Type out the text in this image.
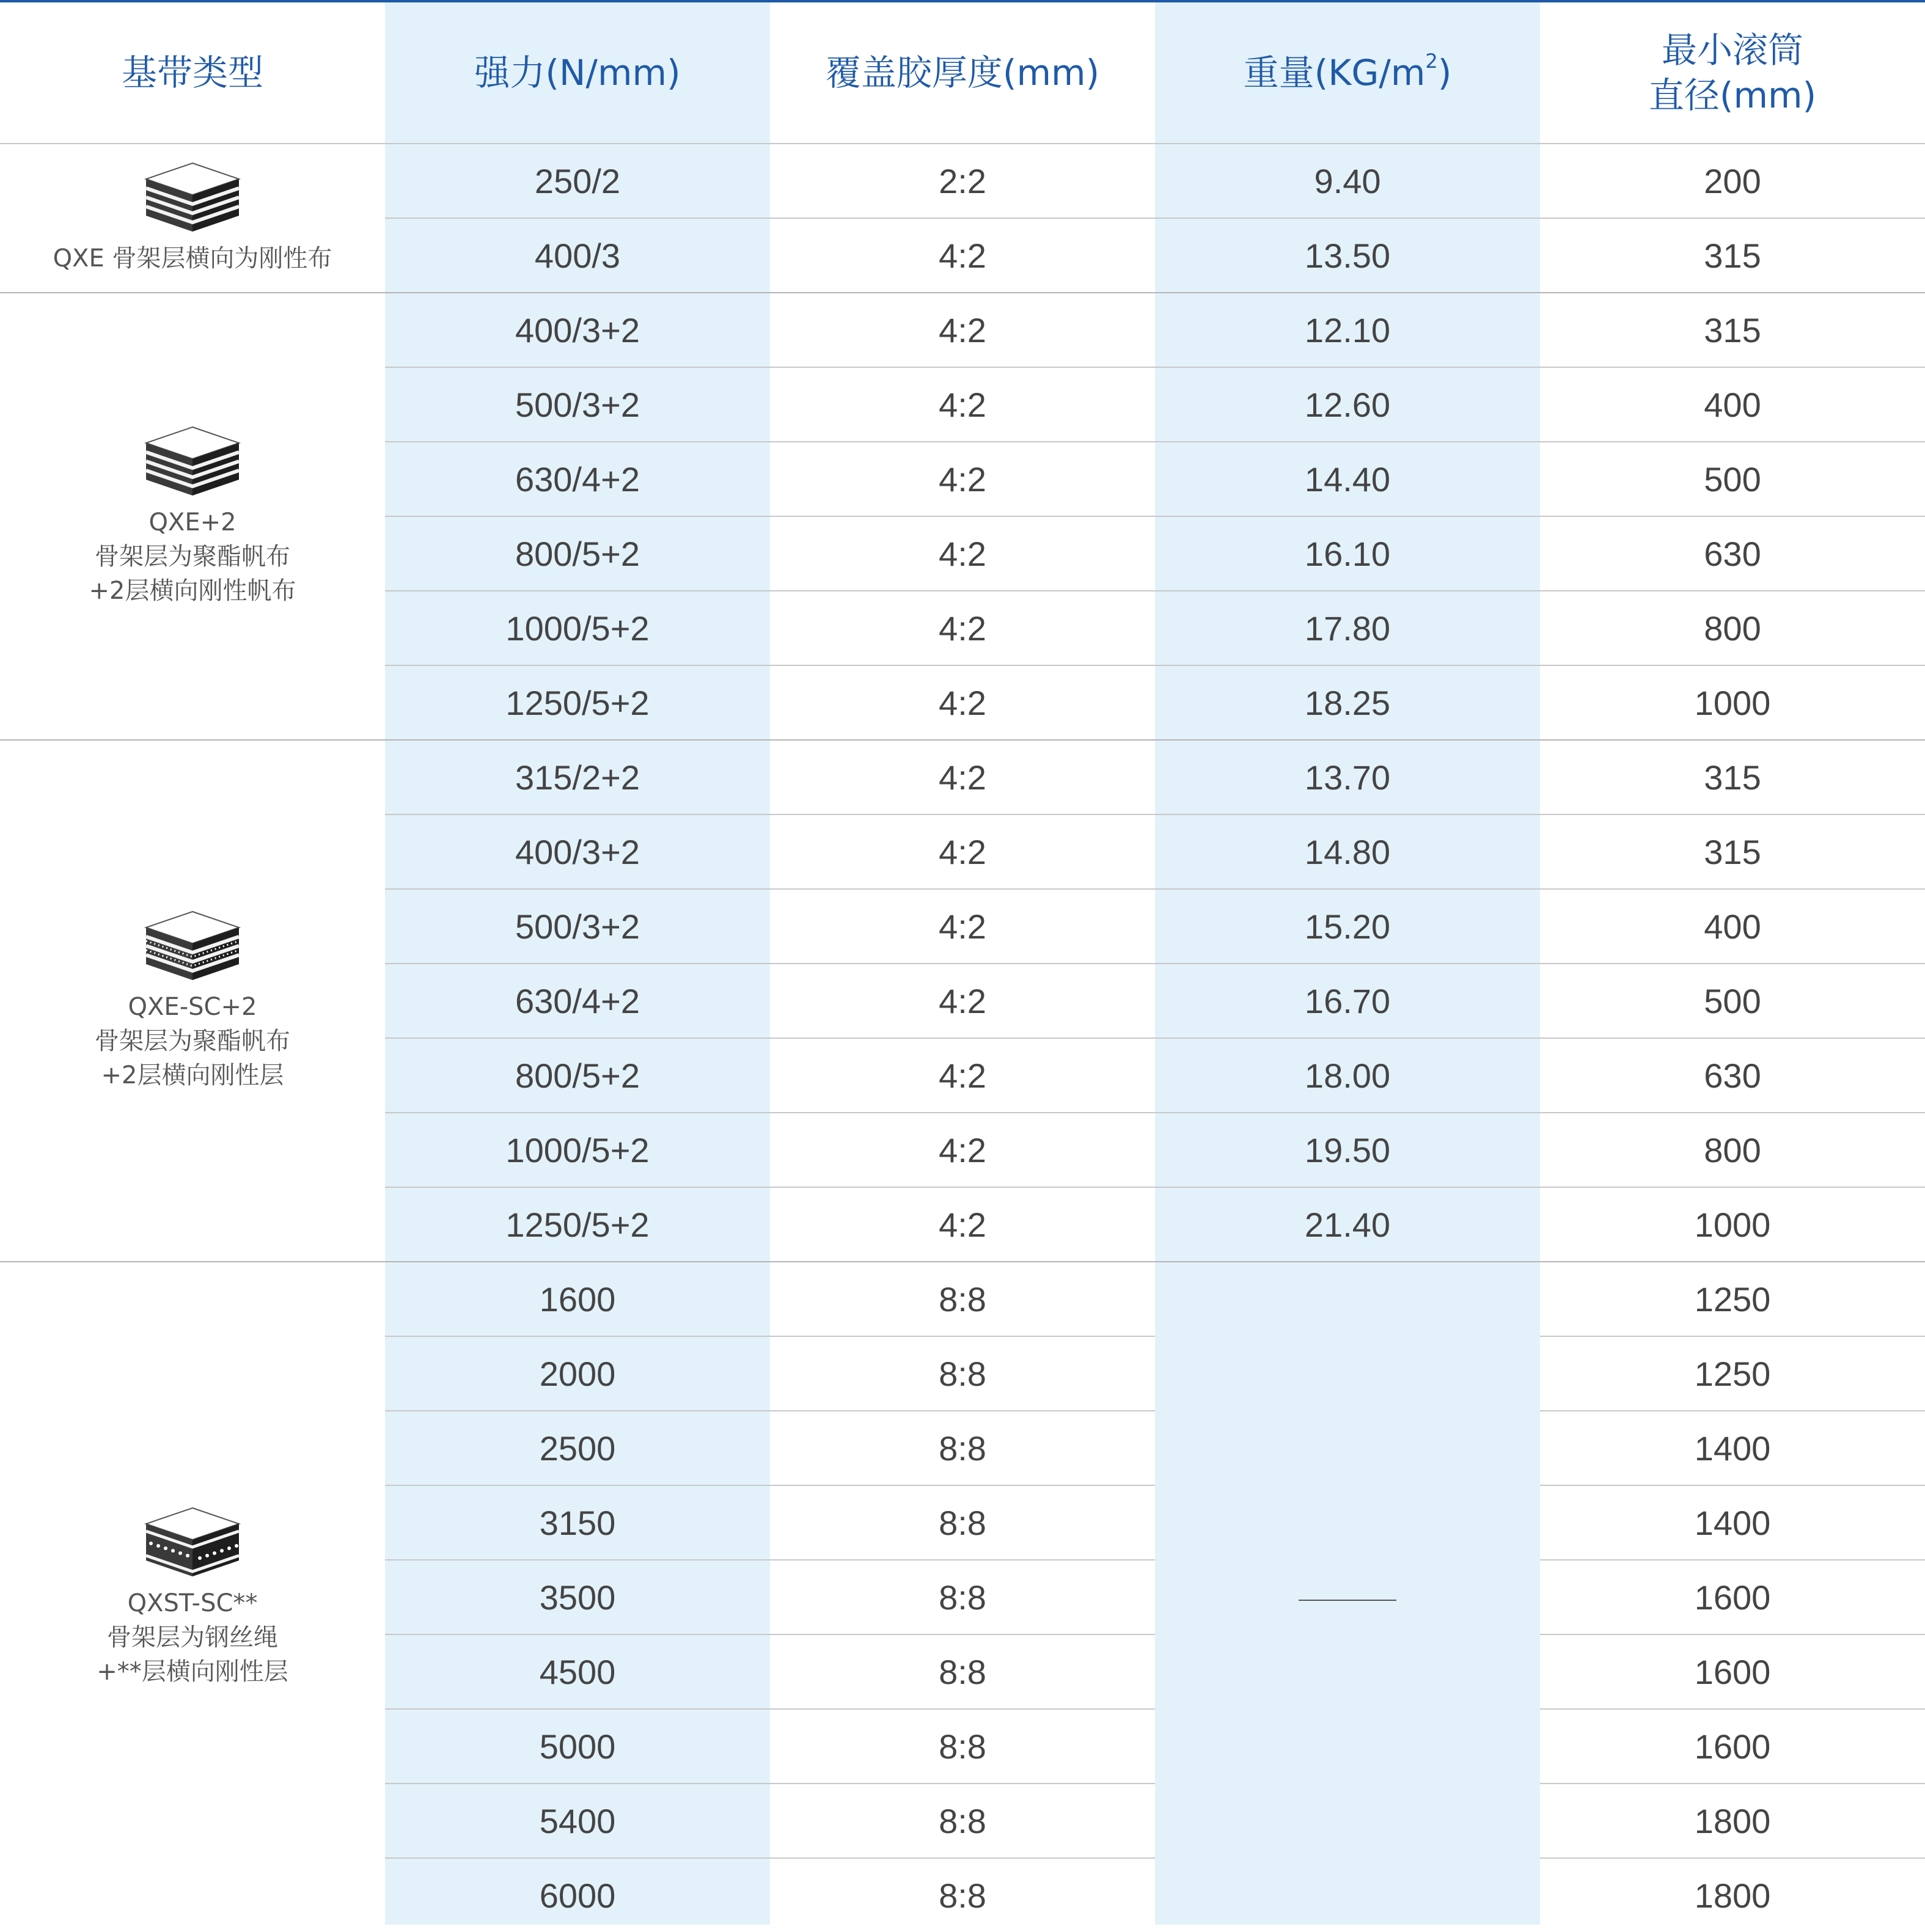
基带类型	强力(N/mm)	覆盖胶厚度(mm)	重量$(KG/m^2)$	最小滚筒
直径(mm)

QXE 骨架层横向为刚性布	250/2	2:2	9.40	200
	400/3	4:2	13.50	315

QXE+2
骨架层为聚酯帆布
+2层横向刚性帆布	400/3+2	4:2	12.10	315
	500/3+2	4:2	12.60	400
	630/4+2	4:2	14.40	500
	800/5+2	4:2	16.10	630
	1000/5+2	4:2	17.80	800
	1250/5+2	4:2	18.25	1000

QXE-SC+2
骨架层为聚酯帆布
+2层横向刚性层	315/2+2	4:2	13.70	315
	400/3+2	4:2	14.80	315
	500/3+2	4:2	15.20	400
	630/4+2	4:2	16.70	500
	800/5+2	4:2	18.00	630
	1000/5+2	4:2	19.50	800
	1250/5+2	4:2	21.40	1000

QXST-SC**
骨架层为钢丝绳
+**层横向刚性层	1600	8:8		1250
	2000	8:8		1250
	2500	8:8		1400
	3150	8:8		1400
	3500	8:8		1600
	4500	8:8		1600
	5000	8:8		1600
	5400	8:8		1800
	6000	8:8		1800
